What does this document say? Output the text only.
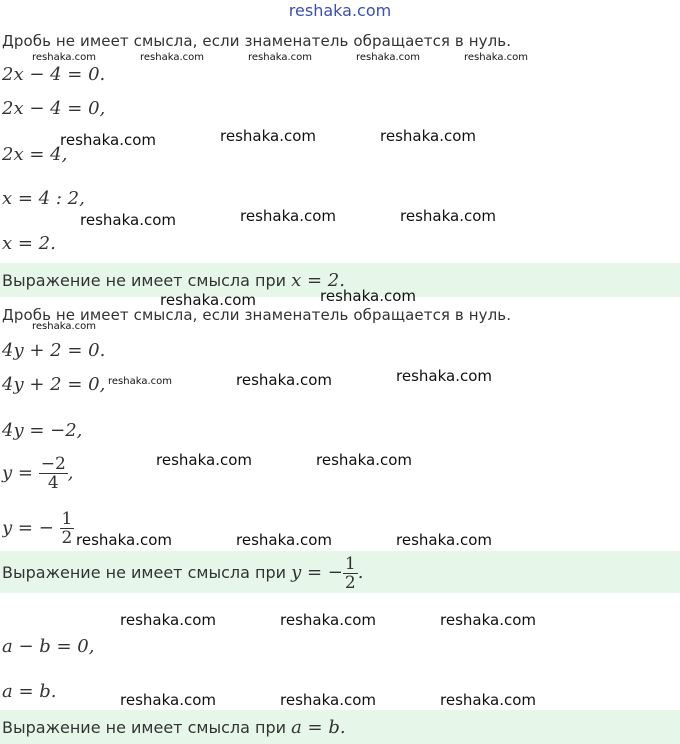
reshaka.com
Дробь не имеет смысла, если знаменатель обращается в нуль.
2x − 4 = 0.
2x − 4 = 0,
2x = 4,
x = 4 : 2,
x = 2.
Выражение не имеет смысла при x = 2.
Дробь не имеет смысла, если знаменатель обращается в нуль.
4y + 2 = 0.
4y + 2 = 0,
4y = −2,
$y = \frac{-2}{4}$ ,
y = − $\frac{1}{2}$
Выражение не имеет смысла при y = − $\frac{1}{2}$ .
a − b = 0,
a = b.
Выражение не имеет смысла при a = b.
reshaka.com	reshaka.com	reshaka.com	reshaka.com	reshaka.com
reshaka.com	reshaka.com	reshaka.com
reshaka.com	reshaka.com	reshaka.com
reshaka.com	reshaka.com
reshaka.com
reshaka.com	reshaka.com	reshaka.com
reshaka.com	reshaka.com
reshaka.com	reshaka.com	reshaka.com
reshaka.com	reshaka.com	reshaka.com
reshaka.com	reshaka.com	reshaka.com
